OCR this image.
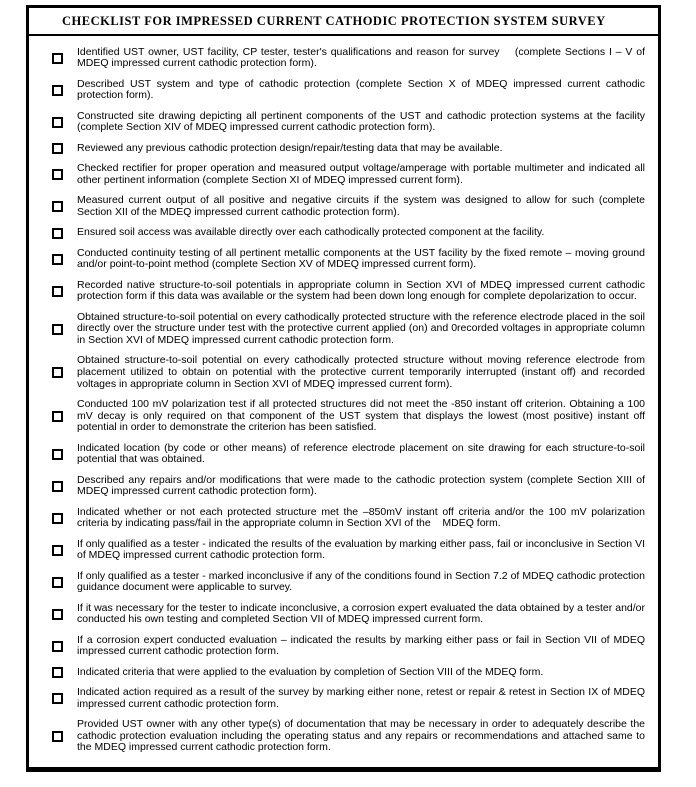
CHECKLIST FOR IMPRESSED CURRENT CATHODIC PROTECTION SYSTEM SURVEY
Identified UST owner, UST facility, CP tester, tester's qualifications and reason for survey    (complete Sections I – V of MDEQ impressed current cathodic protection form).
Described UST system and type of cathodic protection (complete Section X of MDEQ impressed current cathodic protection form).
Constructed site drawing depicting all pertinent components of the UST and cathodic protection systems at the facility (complete Section XIV of MDEQ impressed current cathodic protection form).
Reviewed any previous cathodic protection design/repair/testing data that may be available.
Checked rectifier for proper operation and measured output voltage/amperage with portable multimeter and indicated all other pertinent information (complete Section XI of MDEQ impressed current form).
Measured current output of all positive and negative circuits if the system was designed to allow for such (complete Section XII of the MDEQ impressed current cathodic protection form).
Ensured soil access was available directly over each cathodically protected component at the facility.
Conducted continuity testing of all pertinent metallic components at the UST facility by the fixed remote – moving ground and/or point-to-point method (complete Section XV of MDEQ impressed current form).
Recorded native structure-to-soil potentials in appropriate column in Section XVI of MDEQ impressed current cathodic protection form if this data was available or the system had been down long enough for complete depolarization to occur.
Obtained structure-to-soil potential on every cathodically protected structure with the reference electrode placed in the soil directly over the structure under test with the protective current applied (on) and 0recorded voltages in appropriate column in Section XVI of MDEQ impressed current cathodic protection form.
Obtained structure-to-soil potential on every cathodically protected structure without moving reference electrode from placement utilized to obtain on potential with the protective current temporarily interrupted (instant off) and recorded voltages in appropriate column in Section XVI of MDEQ impressed current form).
Conducted 100 mV polarization test if all protected structures did not meet the -850 instant off criterion. Obtaining a 100 mV decay is only required on that component of the UST system that displays the lowest (most positive) instant off potential in order to demonstrate the criterion has been satisfied.
Indicated location (by code or other means) of reference electrode placement on site drawing for each structure-to-soil potential that was obtained.
Described any repairs and/or modifications that were made to the cathodic protection system (complete Section XIII of MDEQ impressed current cathodic protection form).
Indicated whether or not each protected structure met the –850mV instant off criteria and/or the 100 mV polarization criteria by indicating pass/fail in the appropriate column in Section XVI of the    MDEQ form.
If only qualified as a tester - indicated the results of the evaluation by marking either pass, fail or inconclusive in Section VI of MDEQ impressed current cathodic protection form.
If only qualified as a tester - marked inconclusive if any of the conditions found in Section 7.2 of MDEQ cathodic protection guidance document were applicable to survey.
If it was necessary for the tester to indicate inconclusive, a corrosion expert evaluated the data obtained by a tester and/or conducted his own testing and completed Section VII of MDEQ impressed current form.
If a corrosion expert conducted evaluation – indicated the results by marking either pass or fail in Section VII of MDEQ impressed current cathodic protection form.
Indicated criteria that were applied to the evaluation by completion of Section VIII of the MDEQ form.
Indicated action required as a result of the survey by marking either none, retest or repair & retest in Section IX of MDEQ impressed current cathodic protection form.
Provided UST owner with any other type(s) of documentation that may be necessary in order to adequately describe the cathodic protection evaluation including the operating status and any repairs or recommendations and attached same to the MDEQ impressed current cathodic protection form.
